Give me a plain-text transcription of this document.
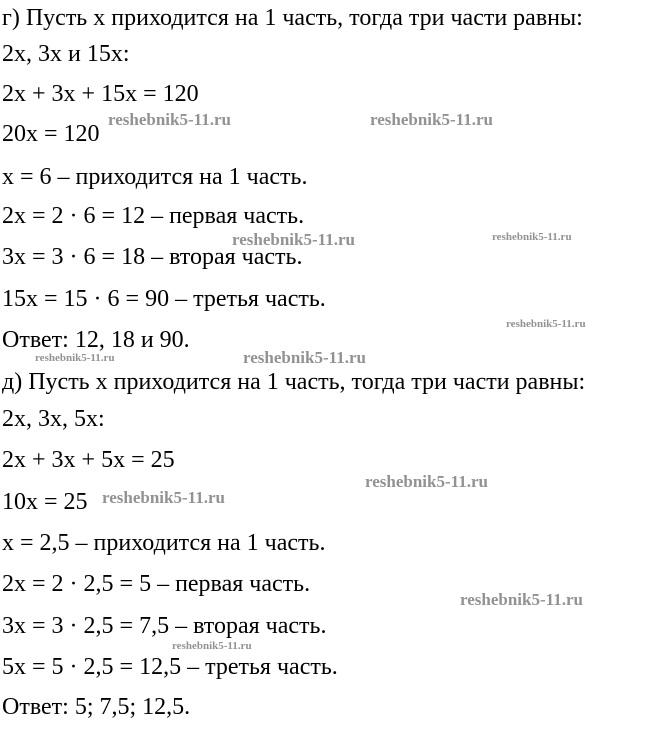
г) Пусть x приходится на 1 часть, тогда три части равны:
2x, 3x и 15x:
2x + 3x + 15x = 120
20x = 120
x = 6 – приходится на 1 часть.
2x = 2 · 6 = 12 – первая часть.
3x = 3 · 6 = 18 – вторая часть.
15x = 15 · 6 = 90 – третья часть.
Ответ: 12, 18 и 90.
д) Пусть x приходится на 1 часть, тогда три части равны:
2x, 3x, 5x:
2x + 3x + 5x = 25
10x = 25
x = 2,5 – приходится на 1 часть.
2x = 2 · 2,5 = 5 – первая часть.
3x = 3 · 2,5 = 7,5 – вторая часть.
5x = 5 · 2,5 = 12,5 – третья часть.
Ответ: 5; 7,5; 12,5.
reshebnik5-11.ru	reshebnik5-11.ru
reshebnik5-11.ru	reshebnik5-11.ru
reshebnik5-11.ru
reshebnik5-11.ru	reshebnik5-11.ru
reshebnik5-11.ru
reshebnik5-11.ru
reshebnik5-11.ru
reshebnik5-11.ru
